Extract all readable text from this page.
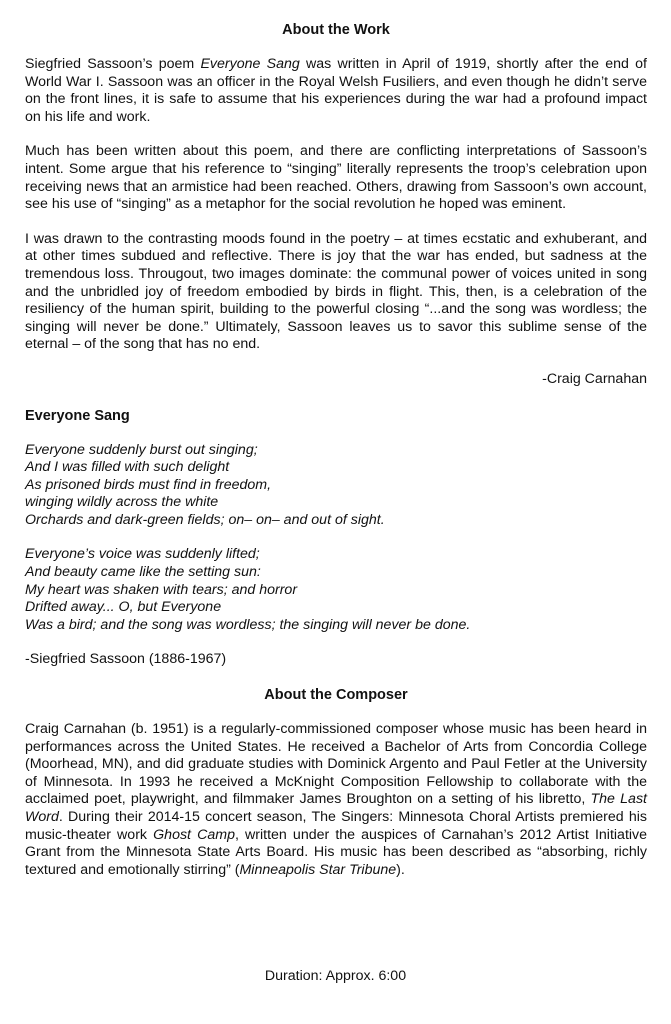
About the Work

Siegfried Sassoon’s poem Everyone Sang was written in April of 1919, shortly after the end of World War I. Sassoon was an officer in the Royal Welsh Fusiliers, and even though he didn’t serve on the front lines, it is safe to assume that his experiences during the war had a profound impact on his life and work.

Much has been written about this poem, and there are conflicting interpretations of Sassoon’s intent. Some argue that his reference to “singing” literally represents the troop’s celebration upon receiving news that an armistice had been reached. Others, drawing from Sassoon’s own account, see his use of “singing” as a metaphor for the social revolution he hoped was eminent.

I was drawn to the contrasting moods found in the poetry – at times ecstatic and exhuberant, and at other times subdued and reflective. There is joy that the war has ended, but sadness at the tremendous loss. Througout, two images dominate: the communal power of voices united in song and the unbridled joy of freedom embodied by birds in flight. This, then, is a celebration of the resiliency of the human spirit, building to the powerful closing “...and the song was wordless; the singing will never be done.” Ultimately, Sassoon leaves us to savor this sublime sense of the eternal – of the song that has no end.

-Craig Carnahan

Everyone Sang
Everyone suddenly burst out singing;
And I was filled with such delight
As prisoned birds must find in freedom,
winging wildly across the white
Orchards and dark-green fields; on– on– and out of sight.
Everyone’s voice was suddenly lifted;
And beauty came like the setting sun:
My heart was shaken with tears; and horror
Drifted away... O, but Everyone
Was a bird; and the song was wordless; the singing will never be done.

-Siegfried Sassoon (1886-1967)

About the Composer

Craig Carnahan (b. 1951) is a regularly-commissioned composer whose music has been heard in performances across the United States. He received a Bachelor of Arts from Concordia College (Moorhead, MN), and did graduate studies with Dominick Argento and Paul Fetler at the University of Minnesota. In 1993 he received a McKnight Composition Fellowship to collaborate with the acclaimed poet, playwright, and filmmaker James Broughton on a setting of his libretto, The Last Word. During their 2014-15 concert season, The Singers: Minnesota Choral Artists premiered his music-theater work Ghost Camp, written under the auspices of Carnahan’s 2012 Artist Initiative Grant from the Minnesota State Arts Board. His music has been described as “absorbing, richly textured and emotionally stirring” (Minneapolis Star Tribune).

Duration: Approx. 6:00
